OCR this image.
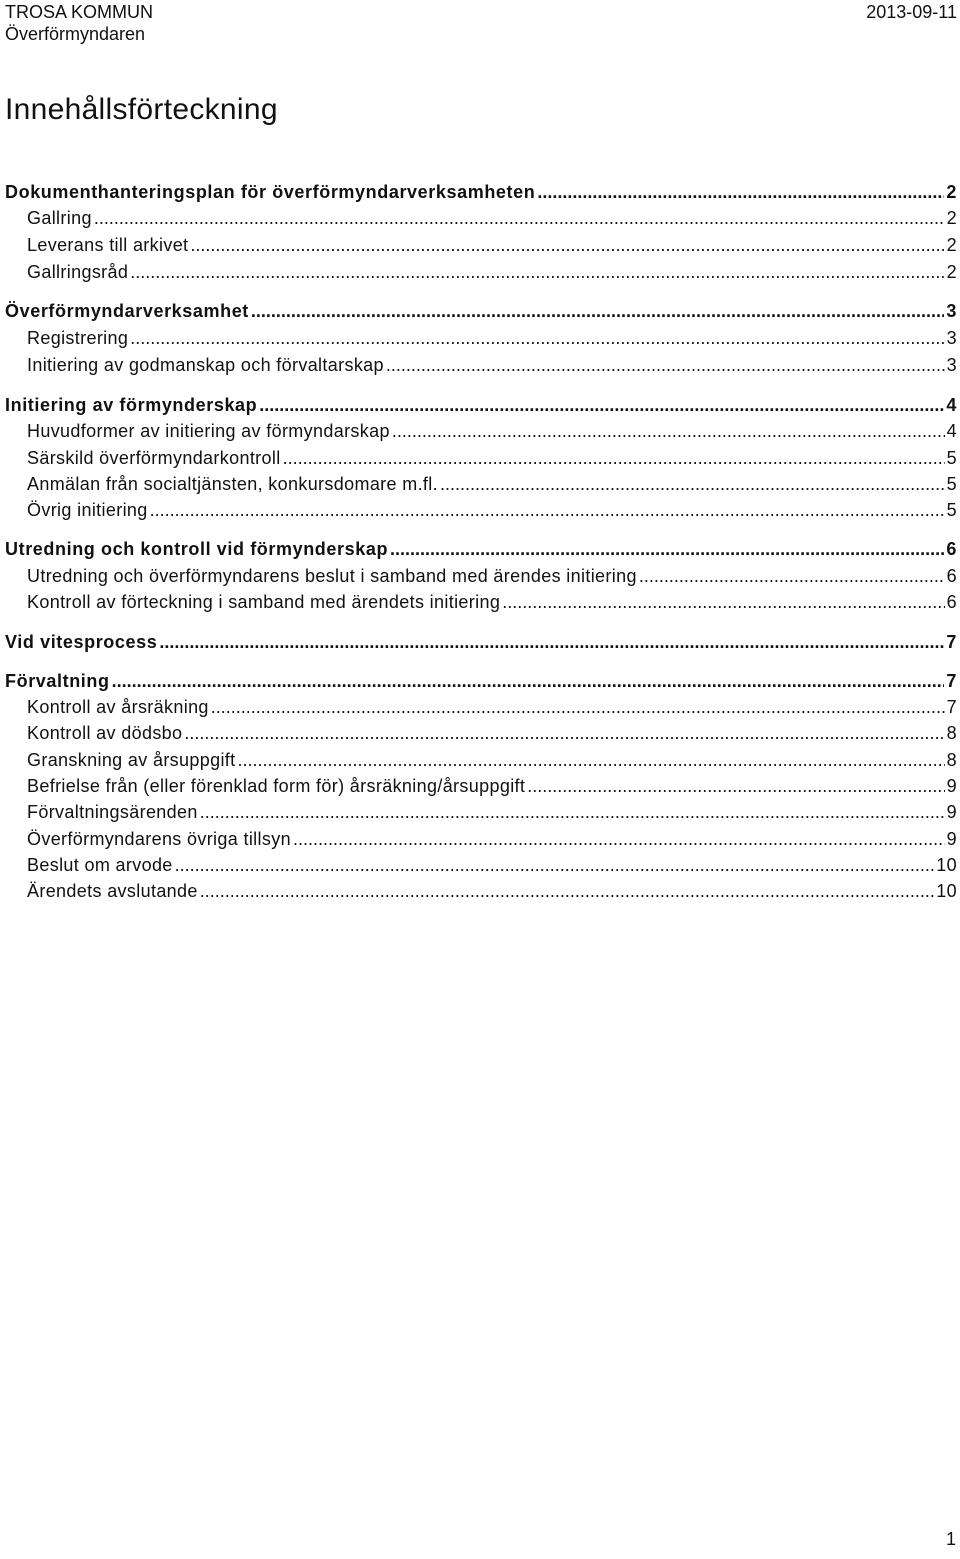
TROSA KOMMUN
Överförmyndaren
2013-09-11
Innehållsförteckning
Dokumenthanteringsplan för överförmyndarverksamheten .....	2
Gallring .....	2
Leverans till arkivet .....	2
Gallringsråd .....	2
Överförmyndarverksamhet .....	3
Registrering .....	3
Initiering av godmanskap och förvaltarskap .....	3
Initiering av förmynderskap .....	4
Huvudformer av initiering av förmyndarskap .....	4
Särskild överförmyndarkontroll .....	5
Anmälan från socialtjänsten, konkursdomare m.fl. .....	5
Övrig initiering .....	5
Utredning och kontroll vid förmynderskap .....	6
Utredning och överförmyndarens beslut i samband med ärendes initiering .....	6
Kontroll av förteckning i samband med ärendets initiering .....	6
Vid vitesprocess .....	7
Förvaltning .....	7
Kontroll av årsräkning .....	7
Kontroll av dödsbo .....	8
Granskning av årsuppgift .....	8
Befrielse från (eller förenklad form för) årsräkning/årsuppgift .....	9
Förvaltningsärenden .....	9
Överförmyndarens övriga tillsyn .....	9
Beslut om arvode .....	10
Ärendets avslutande .....	10
1
